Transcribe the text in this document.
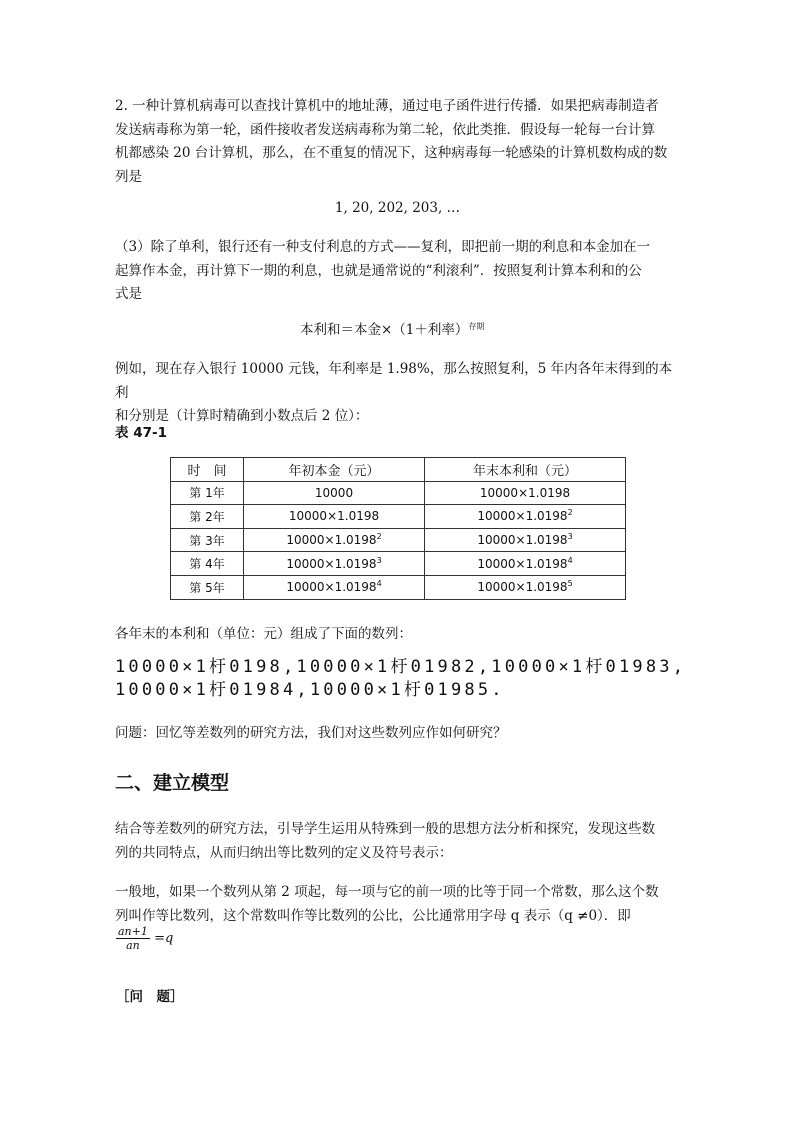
2. 一种计算机病毒可以查找计算机中的地址薄，通过电子函件进行传播．如果把病毒制造者
发送病毒称为第一轮，函件接收者发送病毒称为第二轮，依此类推．假设每一轮每一台计算
机都感染 20 台计算机，那么，在不重复的情况下，这种病毒每一轮感染的计算机数构成的数
列是
1, 20, 202, 203, …
（3）除了单利，银行还有一种支付利息的方式——复利，即把前一期的利息和本金加在一
起算作本金，再计算下一期的利息，也就是通常说的“利滚利”．按照复利计算本利和的公
式是
本利和＝本金×（1＋利率）$^{存期}$
例如，现在存入银行 10000 元钱，年利率是 1.98%，那么按照复利，5 年内各年末得到的本利
和分别是（计算时精确到小数点后 2 位）：
表 47-1
时　间	年初本金（元）	年末本利和（元）
第 1年	10000	10000×1.0198
第 2年	10000×1.0198	$10000\times 1.0198^2$
第 3年	$10000\times 1.0198^2$	$10000\times 1.0198^3$
第 4年	$10000\times 1.0198^3$	$10000\times 1.0198^4$
第 5年	$10000\times 1.0198^4$	$10000\times 1.0198^5$
各年末的本利和（单位：元）组成了下面的数列：
10000×1杅0198,10000×1杅01982,10000×1杅01983,
10000×1杅01984,10000×1杅01985.
问题：回忆等差数列的研究方法，我们对这些数列应作如何研究？
二、建立模型
结合等差数列的研究方法，引导学生运用从特殊到一般的思想方法分析和探究，发现这些数
列的共同特点，从而归纳出等比数列的定义及符号表示：
一般地，如果一个数列从第 2 项起，每一项与它的前一项的比等于同一个常数，那么这个数
列叫作等比数列，这个常数叫作等比数列的公比，公比通常用字母 q 表示（q ≠0）．即
$\frac{an+1}{an} =q$
［问　题］
